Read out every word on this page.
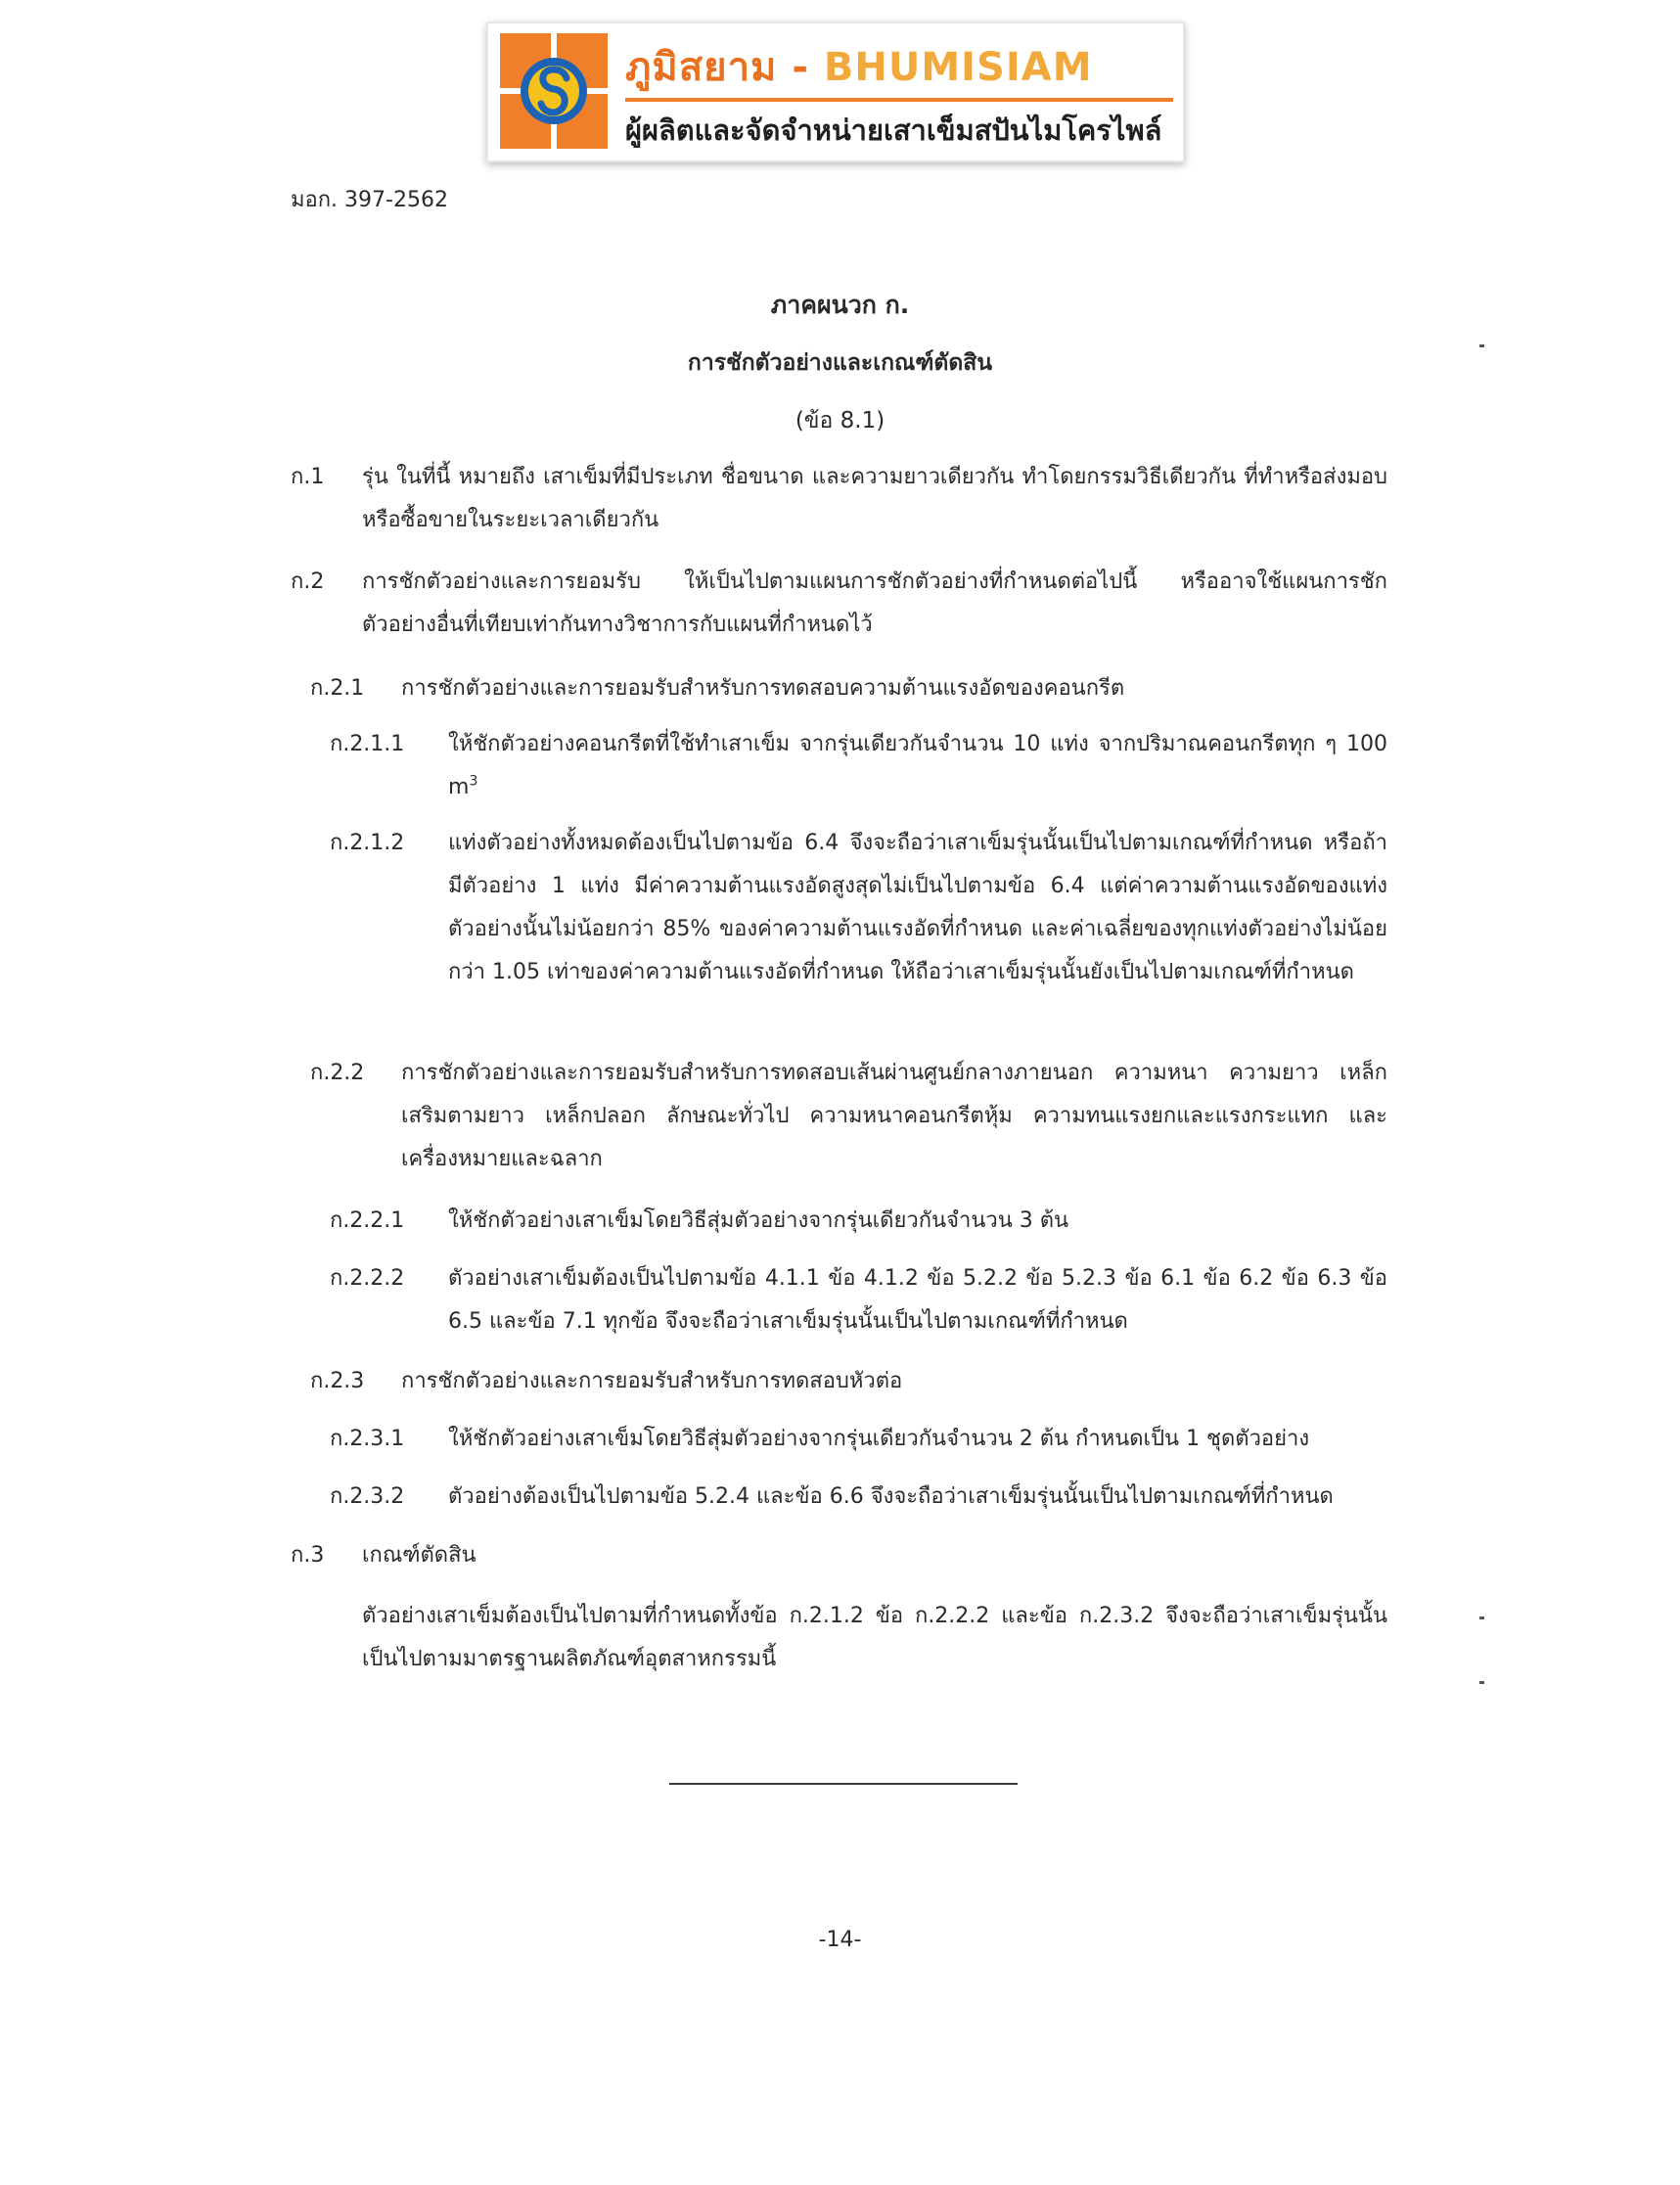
ภูมิสยาม - BHUMISIAM
ผู้ผลิตและจัดจำหน่ายเสาเข็มสปันไมโครไพล์
มอก. 397-2562
ภาคผนวก ก.
การชักตัวอย่างและเกณฑ์ตัดสิน
(ข้อ 8.1)
ก.1 รุ่น ในที่นี้ หมายถึง เสาเข็มที่มีประเภท ชื่อขนาด และความยาวเดียวกัน ทำโดยกรรมวิธีเดียวกัน ที่ทำหรือส่งมอบหรือซื้อขายในระยะเวลาเดียวกัน
ก.2 การชักตัวอย่างและการยอมรับ ให้เป็นไปตามแผนการชักตัวอย่างที่กำหนดต่อไปนี้ หรืออาจใช้แผนการชักตัวอย่างอื่นที่เทียบเท่ากันทางวิชาการกับแผนที่กำหนดไว้
ก.2.1 การชักตัวอย่างและการยอมรับสำหรับการทดสอบความต้านแรงอัดของคอนกรีต
ก.2.1.1 ให้ชักตัวอย่างคอนกรีตที่ใช้ทำเสาเข็ม จากรุ่นเดียวกันจำนวน 10 แท่ง จากปริมาณคอนกรีตทุก ๆ 100 $m^3$
ก.2.1.2 แท่งตัวอย่างทั้งหมดต้องเป็นไปตามข้อ 6.4 จึงจะถือว่าเสาเข็มรุ่นนั้นเป็นไปตามเกณฑ์ที่กำหนด หรือถ้ามีตัวอย่าง 1 แท่ง มีค่าความต้านแรงอัดสูงสุดไม่เป็นไปตามข้อ 6.4 แต่ค่าความต้านแรงอัดของแท่งตัวอย่างนั้นไม่น้อยกว่า 85% ของค่าความต้านแรงอัดที่กำหนด และค่าเฉลี่ยของทุกแท่งตัวอย่างไม่น้อยกว่า 1.05 เท่าของค่าความต้านแรงอัดที่กำหนด ให้ถือว่าเสาเข็มรุ่นนั้นยังเป็นไปตามเกณฑ์ที่กำหนด
ก.2.2 การชักตัวอย่างและการยอมรับสำหรับการทดสอบเส้นผ่านศูนย์กลางภายนอก ความหนา ความยาว เหล็กเสริมตามยาว เหล็กปลอก ลักษณะทั่วไป ความหนาคอนกรีตหุ้ม ความทนแรงยกและแรงกระแทก และเครื่องหมายและฉลาก
ก.2.2.1 ให้ชักตัวอย่างเสาเข็มโดยวิธีสุ่มตัวอย่างจากรุ่นเดียวกันจำนวน 3 ต้น
ก.2.2.2 ตัวอย่างเสาเข็มต้องเป็นไปตามข้อ 4.1.1 ข้อ 4.1.2 ข้อ 5.2.2 ข้อ 5.2.3 ข้อ 6.1 ข้อ 6.2 ข้อ 6.3 ข้อ 6.5 และข้อ 7.1 ทุกข้อ จึงจะถือว่าเสาเข็มรุ่นนั้นเป็นไปตามเกณฑ์ที่กำหนด
ก.2.3 การชักตัวอย่างและการยอมรับสำหรับการทดสอบหัวต่อ
ก.2.3.1 ให้ชักตัวอย่างเสาเข็มโดยวิธีสุ่มตัวอย่างจากรุ่นเดียวกันจำนวน 2 ต้น กำหนดเป็น 1 ชุดตัวอย่าง
ก.2.3.2 ตัวอย่างต้องเป็นไปตามข้อ 5.2.4 และข้อ 6.6 จึงจะถือว่าเสาเข็มรุ่นนั้นเป็นไปตามเกณฑ์ที่กำหนด
ก.3 เกณฑ์ตัดสิน
ตัวอย่างเสาเข็มต้องเป็นไปตามที่กำหนดทั้งข้อ ก.2.1.2 ข้อ ก.2.2.2 และข้อ ก.2.3.2 จึงจะถือว่าเสาเข็มรุ่นนั้นเป็นไปตามมาตรฐานผลิตภัณฑ์อุตสาหกรรมนี้
-14-
